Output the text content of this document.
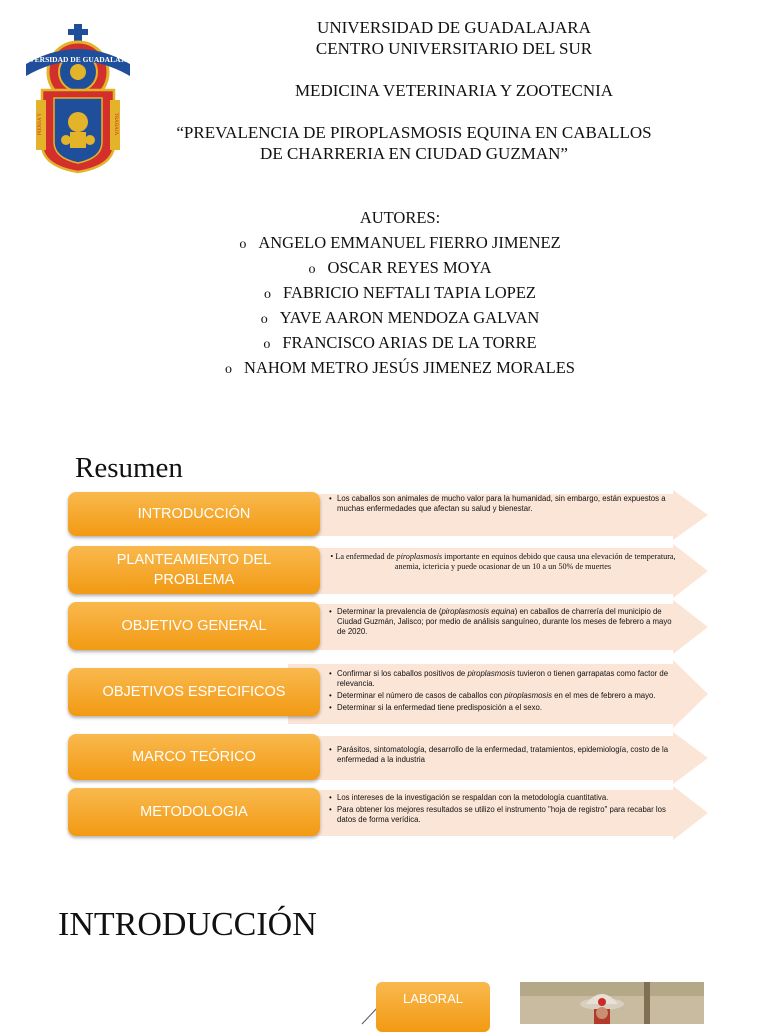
UNIVERSIDAD DE GUADALAJARA
PIENSA Y	TRABAJA
UNIVERSIDAD DE GUADALAJARA
CENTRO UNIVERSITARIO DEL SUR
MEDICINA VETERINARIA Y ZOOTECNIA
“PREVALENCIA DE PIROPLASMOSIS EQUINA EN CABALLOS
DE CHARRERIA EN CIUDAD GUZMAN”
AUTORES:
o ANGELO EMMANUEL FIERRO JIMENEZ
o OSCAR REYES MOYA
o FABRICIO NEFTALI TAPIA LOPEZ
o YAVE AARON MENDOZA GALVAN
o FRANCISCO ARIAS DE LA TORRE
o NAHOM METRO JESÚS JIMENEZ MORALES
Resumen
INTRODUCCIÓN
• Los caballos son animales de mucho valor para la humanidad, sin embargo, están expuestos a muchas enfermedades que afectan su salud y bienestar.
PLANTEAMIENTO DEL
PROBLEMA
• La enfermedad de piroplasmosis importante en equinos debido que causa una elevación de temperatura, anemia, ictericia y puede ocasionar de un 10 a un 50% de muertes
OBJETIVO GENERAL
• Determinar la prevalencia de (piroplasmosis equina) en caballos de charrería del municipio de Ciudad Guzmán, Jalisco; por medio de análisis sanguíneo, durante los meses de febrero a mayo de 2020.
OBJETIVOS ESPECIFICOS
• Confirmar si los caballos positivos de piroplasmosis tuvieron o tienen garrapatas como factor de relevancia.
• Determinar el número de casos de caballos con piroplasmosis en el mes de febrero a mayo.
• Determinar si la enfermedad tiene predisposición a el sexo.
MARCO TEÓRICO
•	Parásitos, sintomatología, desarrollo de la enfermedad, tratamientos, epidemiología, costo de la enfermedad a la industria
METODOLOGIA
• Los intereses de la investigación se respaldan con la metodología cuantitativa.
• Para obtener los mejores resultados se utilizo el instrumento "hoja de registro" para recabar los datos de forma verídica.
INTRODUCCIÓN
LABORAL
